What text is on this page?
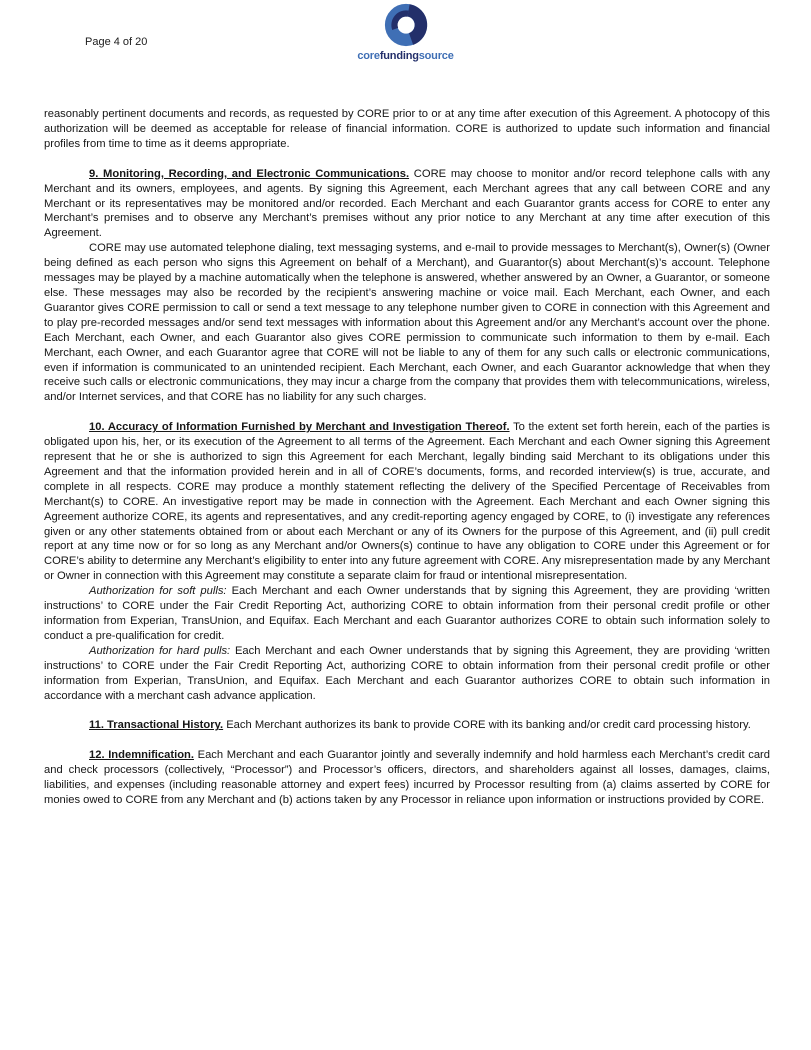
Page 4 of 20
corefundingsource

reasonably pertinent documents and records, as requested by CORE prior to or at any time after execution of this Agreement. A photocopy of this authorization will be deemed as acceptable for release of financial information. CORE is authorized to update such information and financial profiles from time to time as it deems appropriate.

9. Monitoring, Recording, and Electronic Communications. CORE may choose to monitor and/or record telephone calls with any Merchant and its owners, employees, and agents. By signing this Agreement, each Merchant agrees that any call between CORE and any Merchant or its representatives may be monitored and/or recorded. Each Merchant and each Guarantor grants access for CORE to enter any Merchant’s premises and to observe any Merchant’s premises without any prior notice to any Merchant at any time after execution of this Agreement.

CORE may use automated telephone dialing, text messaging systems, and e-mail to provide messages to Merchant(s), Owner(s) (Owner being defined as each person who signs this Agreement on behalf of a Merchant), and Guarantor(s) about Merchant(s)’s account. Telephone messages may be played by a machine automatically when the telephone is answered, whether answered by an Owner, a Guarantor, or someone else. These messages may also be recorded by the recipient’s answering machine or voice mail. Each Merchant, each Owner, and each Guarantor gives CORE permission to call or send a text message to any telephone number given to CORE in connection with this Agreement and to play pre-recorded messages and/or send text messages with information about this Agreement and/or any Merchant’s account over the phone. Each Merchant, each Owner, and each Guarantor also gives CORE permission to communicate such information to them by e-mail. Each Merchant, each Owner, and each Guarantor agree that CORE will not be liable to any of them for any such calls or electronic communications, even if information is communicated to an unintended recipient. Each Merchant, each Owner, and each Guarantor acknowledge that when they receive such calls or electronic communications, they may incur a charge from the company that provides them with telecommunications, wireless, and/or Internet services, and that CORE has no liability for any such charges.

10. Accuracy of Information Furnished by Merchant and Investigation Thereof. To the extent set forth herein, each of the parties is obligated upon his, her, or its execution of the Agreement to all terms of the Agreement. Each Merchant and each Owner signing this Agreement represent that he or she is authorized to sign this Agreement for each Merchant, legally binding said Merchant to its obligations under this Agreement and that the information provided herein and in all of CORE’s documents, forms, and recorded interview(s) is true, accurate, and complete in all respects. CORE may produce a monthly statement reflecting the delivery of the Specified Percentage of Receivables from Merchant(s) to CORE. An investigative report may be made in connection with the Agreement. Each Merchant and each Owner signing this Agreement authorize CORE, its agents and representatives, and any credit-reporting agency engaged by CORE, to (i) investigate any references given or any other statements obtained from or about each Merchant or any of its Owners for the purpose of this Agreement, and (ii) pull credit report at any time now or for so long as any Merchant and/or Owners(s) continue to have any obligation to CORE under this Agreement or for CORE’s ability to determine any Merchant’s eligibility to enter into any future agreement with CORE. Any misrepresentation made by any Merchant or Owner in connection with this Agreement may constitute a separate claim for fraud or intentional misrepresentation.

Authorization for soft pulls: Each Merchant and each Owner understands that by signing this Agreement, they are providing ‘written instructions’ to CORE under the Fair Credit Reporting Act, authorizing CORE to obtain information from their personal credit profile or other information from Experian, TransUnion, and Equifax. Each Merchant and each Guarantor authorizes CORE to obtain such information solely to conduct a pre-qualification for credit.

Authorization for hard pulls: Each Merchant and each Owner understands that by signing this Agreement, they are providing ‘written instructions’ to CORE under the Fair Credit Reporting Act, authorizing CORE to obtain information from their personal credit profile or other information from Experian, TransUnion, and Equifax. Each Merchant and each Guarantor authorizes CORE to obtain such information in accordance with a merchant cash advance application.

11. Transactional History. Each Merchant authorizes its bank to provide CORE with its banking and/or credit card processing history.

12. Indemnification. Each Merchant and each Guarantor jointly and severally indemnify and hold harmless each Merchant’s credit card and check processors (collectively, “Processor”) and Processor’s officers, directors, and shareholders against all losses, damages, claims, liabilities, and expenses (including reasonable attorney and expert fees) incurred by Processor resulting from (a) claims asserted by CORE for monies owed to CORE from any Merchant and (b) actions taken by any Processor in reliance upon information or instructions provided by CORE.
